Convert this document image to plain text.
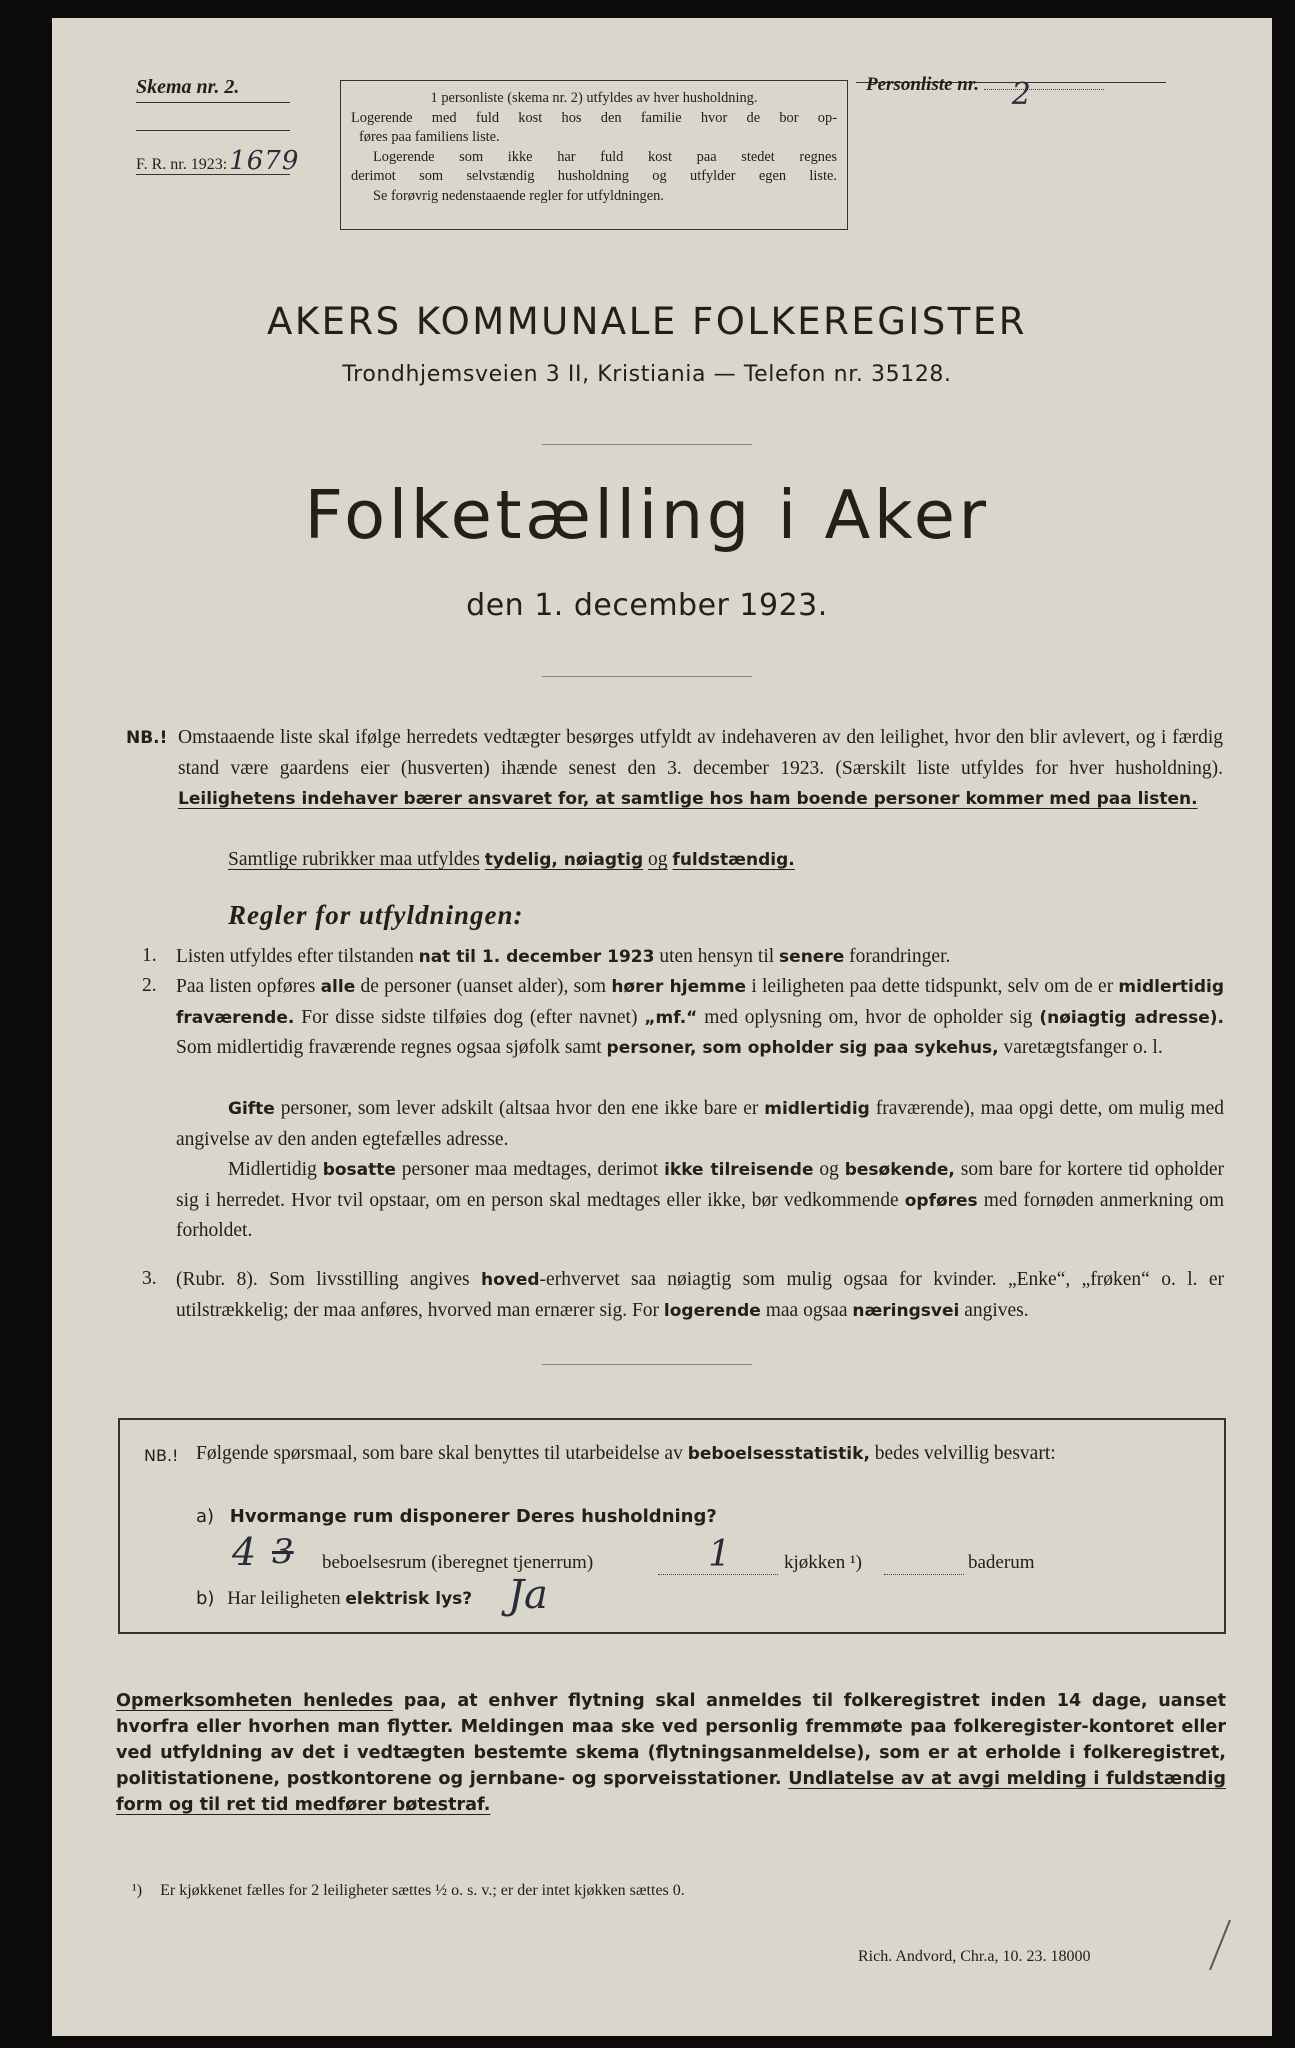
Skema nr. 2.
F. R. nr. 1923:1679
1 personliste (skema nr. 2) utfyldes av hver husholdning.
Logerende med fuld kost hos den familie hvor de bor op-
føres paa familiens liste.
Logerende som ikke har fuld kost paa stedet regnes
derimot som selvstændig husholdning og utfylder egen liste.
Se forøvrig nedenstaaende regler for utfyldningen.
Personliste nr. 2
AKERS KOMMUNALE FOLKEREGISTER
Trondhjemsveien 3 II, Kristiania — Telefon nr. 35128.
Folketælling i Aker
den 1. december 1923.
NB.! Omstaaende liste skal ifølge herredets vedtægter besørges utfyldt av indehaveren av den leilighet, hvor den blir avlevert, og i færdig stand være gaardens eier (husverten) ihænde senest den 3. december 1923. (Særskilt liste utfyldes for hver husholdning). Leilighetens indehaver bærer ansvaret for, at samtlige hos ham boende personer kommer med paa listen.
Samtlige rubrikker maa utfyldes tydelig, nøiagtig og fuldstændig.
Regler for utfyldningen:
1. Listen utfyldes efter tilstanden nat til 1. december 1923 uten hensyn til senere forandringer.
2. Paa listen opføres alle de personer (uanset alder), som hører hjemme i leiligheten paa dette tidspunkt, selv om de er midlertidig fraværende. For disse sidste tilføies dog (efter navnet) „mf.“ med oplysning om, hvor de opholder sig (nøiagtig adresse). Som midlertidig fraværende regnes ogsaa sjøfolk samt personer, som opholder sig paa sykehus, varetægtsfanger o. l.
Gifte personer, som lever adskilt (altsaa hvor den ene ikke bare er midlertidig fraværende), maa opgi dette, om mulig med angivelse av den anden egtefælles adresse.
Midlertidig bosatte personer maa medtages, derimot ikke tilreisende og besøkende, som bare for kortere tid opholder sig i herredet. Hvor tvil opstaar, om en person skal medtages eller ikke, bør vedkommende opføres med fornøden anmerkning om forholdet.
3. (Rubr. 8). Som livsstilling angives hoved-erhvervet saa nøiagtig som mulig ogsaa for kvinder. „Enke“, „frøken“ o. l. er utilstrækkelig; der maa anføres, hvorved man ernærer sig. For logerende maa ogsaa næringsvei angives.
NB.! Følgende spørsmaal, som bare skal benyttes til utarbeidelse av beboelsesstatistik, bedes velvillig besvart:
a) Hvormange rum disponerer Deres husholdning?
4 3 beboelsesrum (iberegnet tjenerrum)	1	kjøkken ¹)	baderum
b) Har leiligheten elektrisk lys? Ja
Opmerksomheten henledes paa, at enhver flytning skal anmeldes til folkeregistret inden 14 dage, uanset hvorfra eller hvorhen man flytter. Meldingen maa ske ved personlig fremmøte paa folkeregister-kontoret eller ved utfyldning av det i vedtægten bestemte skema (flytningsanmeldelse), som er at erholde i folkeregistret, politistationene, postkontorene og jernbane- og sporveisstationer. Undlatelse av at avgi melding i fuldstændig form og til ret tid medfører bøtestraf.
¹) Er kjøkkenet fælles for 2 leiligheter sættes ½ o. s. v.; er der intet kjøkken sættes 0.
Rich. Andvord, Chr.a, 10. 23. 18000
